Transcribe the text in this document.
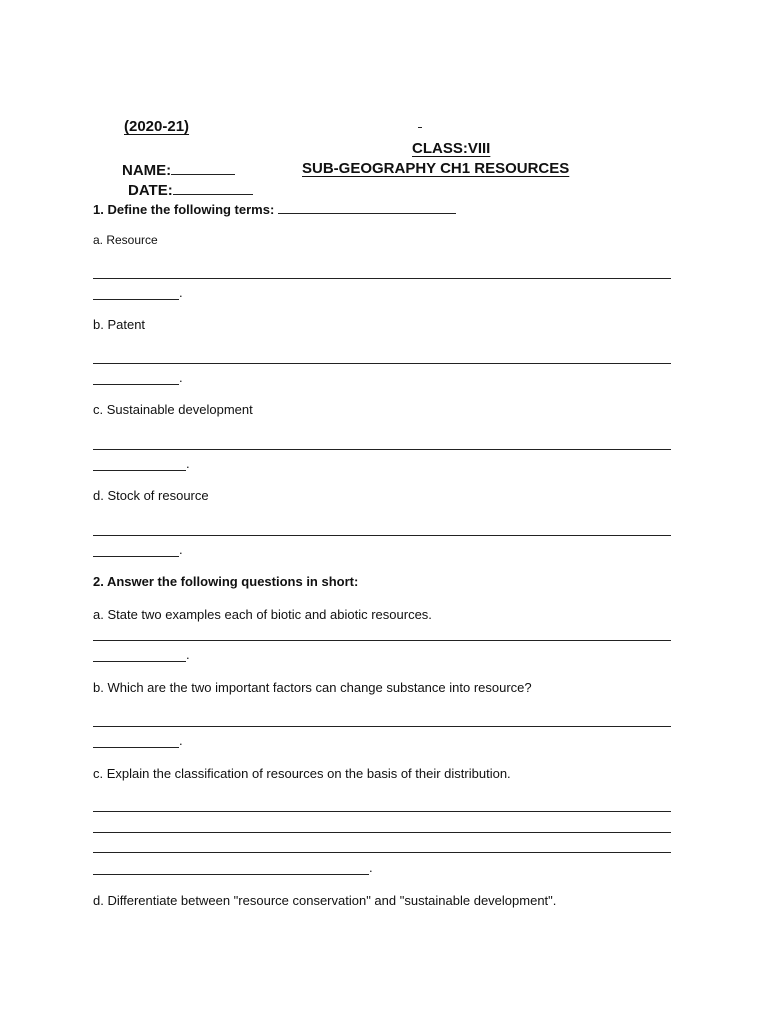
(2020-21)
CLASS:VIII
NAME:	SUB-GEOGRAPHY CH1 RESOURCES
DATE:
1. Define the following terms:
a. Resource
.
b. Patent
.
c. Sustainable development
.
d. Stock of resource
.
2. Answer the following questions in short:
a. State two examples each of biotic and abiotic resources.
.
b. Which are the two important factors can change substance into resource?
.
c. Explain the classification of resources on the basis of their distribution.
.
d. Differentiate between "resource conservation" and "sustainable development".
